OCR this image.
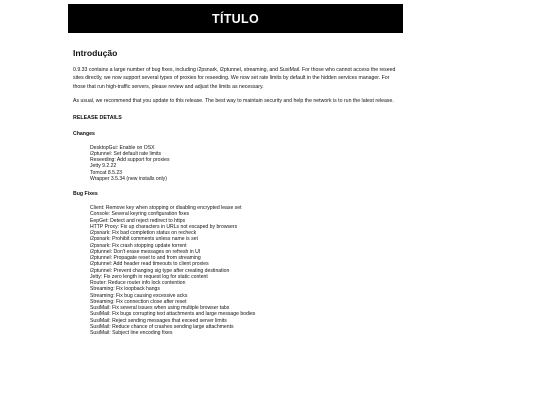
TÍTULO
Introdução

0.9.33 contains a large number of bug fixes, including i2psnark, i2ptunnel, streaming, and SusiMail. For those who cannot access the reseed sites directly, we now support several types of proxies for reseeding. We now set rate limits by default in the hidden services manager. For those that run high-traffic servers, please review and adjust the limits as necessary.

As usual, we recommend that you update to this release. The best way to maintain security and help the network is to run the latest release.

RELEASE DETAILS
Changes
DesktopGui: Enable on OSX
i2ptunnel: Set default rate limits
Reseeding: Add support for proxies
Jetty 9.2.22
Tomcat 8.5.23
Wrapper 3.5.34 (new installs only)
Bug Fixes
Client: Remove key when stopping or disabling encrypted lease set
Console: Several keyring configuration fixes
EepGet: Detect and reject redirect to https
HTTP Proxy: Fix up characters in URLs not escaped by browsers
i2psnark: Fix bad completion status on recheck
i2psnark: Prohibit comments unless name is set
i2psnark: Fix crash stopping update torrent
i2ptunnel: Don't erase messages on refresh in UI
i2ptunnel: Propagate reset to and from streaming
i2ptunnel: Add header read timeouts to client proxies
i2ptunnel: Prevent changing sig type after creating destination
Jetty: Fix zero length in request log for static content
Router: Reduce router info lock contention
Streaming: Fix loopback hangs
Streaming: Fix bug causing excessive acks
Streaming: Fix connection close after reset
SusiMail: Fix several issues when using multiple browser tabs
SusiMail: Fix bugs corrupting text attachments and large message bodies
SusiMail: Reject sending messages that exceed server limits
SusiMail: Reduce chance of crashes sending large attachments
SusiMail: Subject line encoding fixes
